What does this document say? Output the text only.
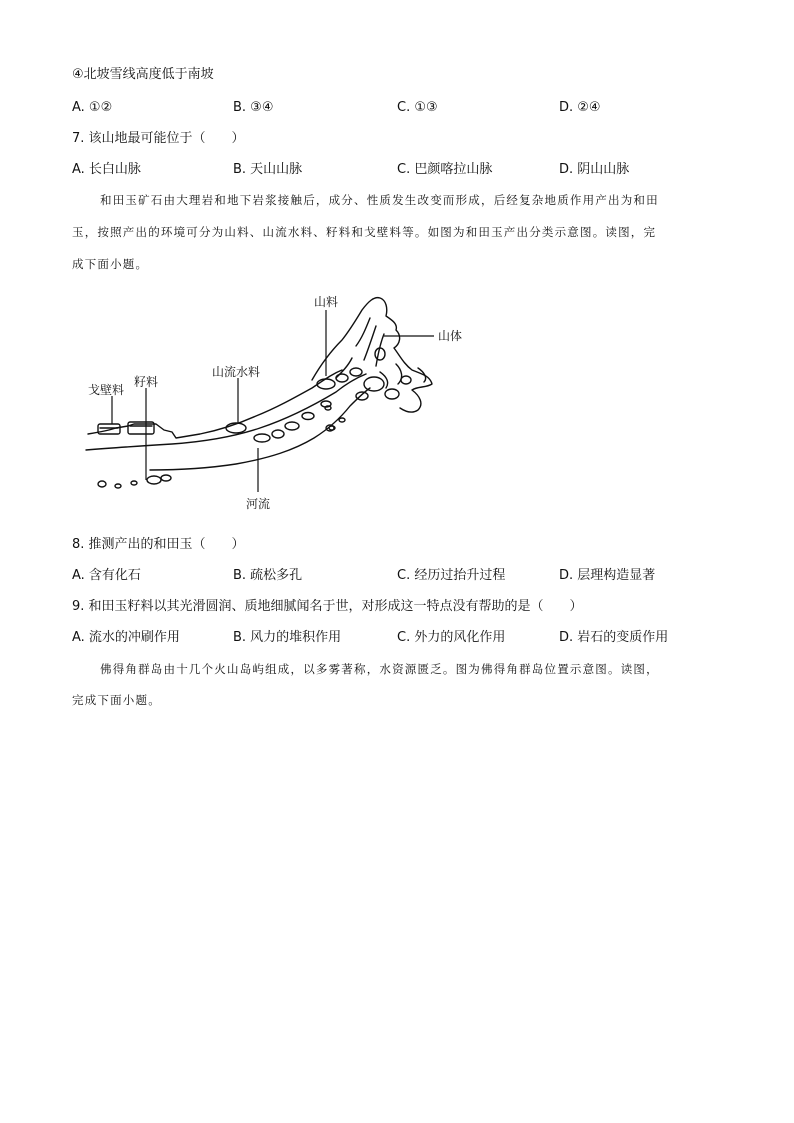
④北坡雪线高度低于南坡
A. ①②	B. ③④	C. ①③	D. ②④
7. 该山地最可能位于（　　）
A. 长白山脉	B. 天山山脉	C. 巴颜喀拉山脉	D. 阴山山脉
和田玉矿石由大理岩和地下岩浆接触后，成分、性质发生改变而形成，后经复杂地质作用产出为和田
玉，按照产出的环境可分为山料、山流水料、籽料和戈壁料等。如图为和田玉产出分类示意图。读图，完
成下面小题。
山料
山体
山流水料
籽料
戈壁料
河流
8. 推测产出的和田玉（　　）
A. 含有化石	B. 疏松多孔	C. 经历过抬升过程	D. 层理构造显著
9. 和田玉籽料以其光滑圆润、质地细腻闻名于世，对形成这一特点没有帮助的是（　　）
A. 流水的冲刷作用	B. 风力的堆积作用	C. 外力的风化作用	D. 岩石的变质作用
佛得角群岛由十几个火山岛屿组成，以多雾著称，水资源匮乏。图为佛得角群岛位置示意图。读图，
完成下面小题。
